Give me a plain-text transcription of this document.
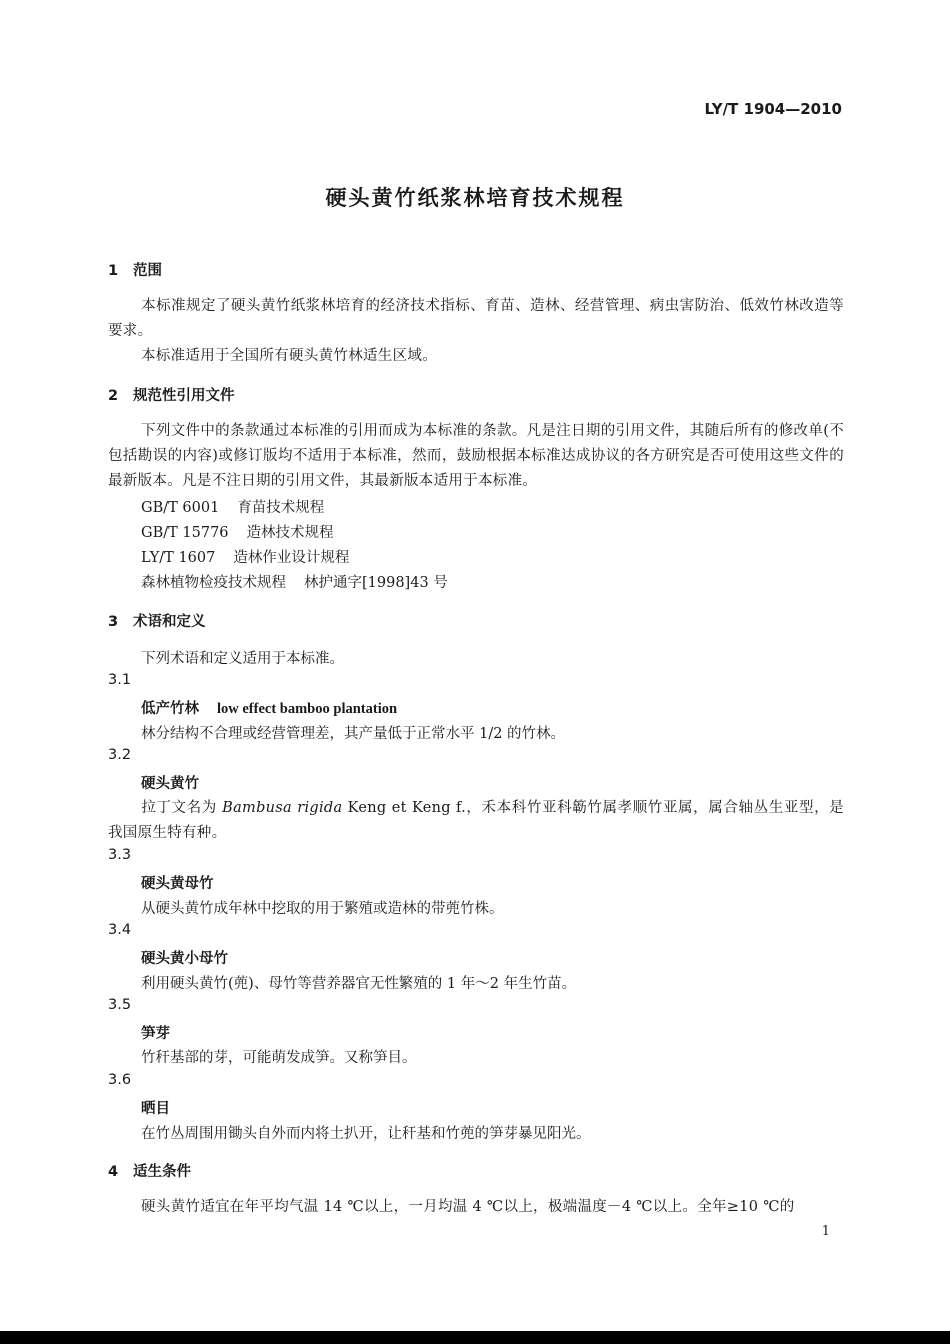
LY/T 1904—2010
硬头黄竹纸浆林培育技术规程
1 范围
本标准规定了硬头黄竹纸浆林培育的经济技术指标、育苗、造林、经营管理、病虫害防治、低效竹林改造等要求。
本标准适用于全国所有硬头黄竹林适生区域。
2 规范性引用文件
下列文件中的条款通过本标准的引用而成为本标准的条款。凡是注日期的引用文件，其随后所有的修改单(不包括勘误的内容)或修订版均不适用于本标准，然而，鼓励根据本标准达成协议的各方研究是否可使用这些文件的最新版本。凡是不注日期的引用文件，其最新版本适用于本标准。
GB/T 6001 育苗技术规程
GB/T 15776 造林技术规程
LY/T 1607 造林作业设计规程
森林植物检疫技术规程 林护通字[1998]43 号
3 术语和定义
下列术语和定义适用于本标准。
3.1
低产竹林 low effect bamboo plantation
林分结构不合理或经营管理差，其产量低于正常水平 1/2 的竹林。
3.2
硬头黄竹
拉丁文名为 Bambusa rigida Keng et Keng f.，禾本科竹亚科簕竹属孝顺竹亚属，属合轴丛生亚型，是我国原生特有种。
3.3
硬头黄母竹
从硬头黄竹成年林中挖取的用于繁殖或造林的带蔸竹株。
3.4
硬头黄小母竹
利用硬头黄竹(蔸)、母竹等营养器官无性繁殖的 1 年～2 年生竹苗。
3.5
笋芽
竹秆基部的芽，可能萌发成笋。又称笋目。
3.6
晒目
在竹丛周围用锄头自外而内将土扒开，让秆基和竹蔸的笋芽暴见阳光。
4 适生条件
硬头黄竹适宜在年平均气温 14 ℃以上，一月均温 4 ℃以上，极端温度－4 ℃以上。全年≥10 ℃的
1
